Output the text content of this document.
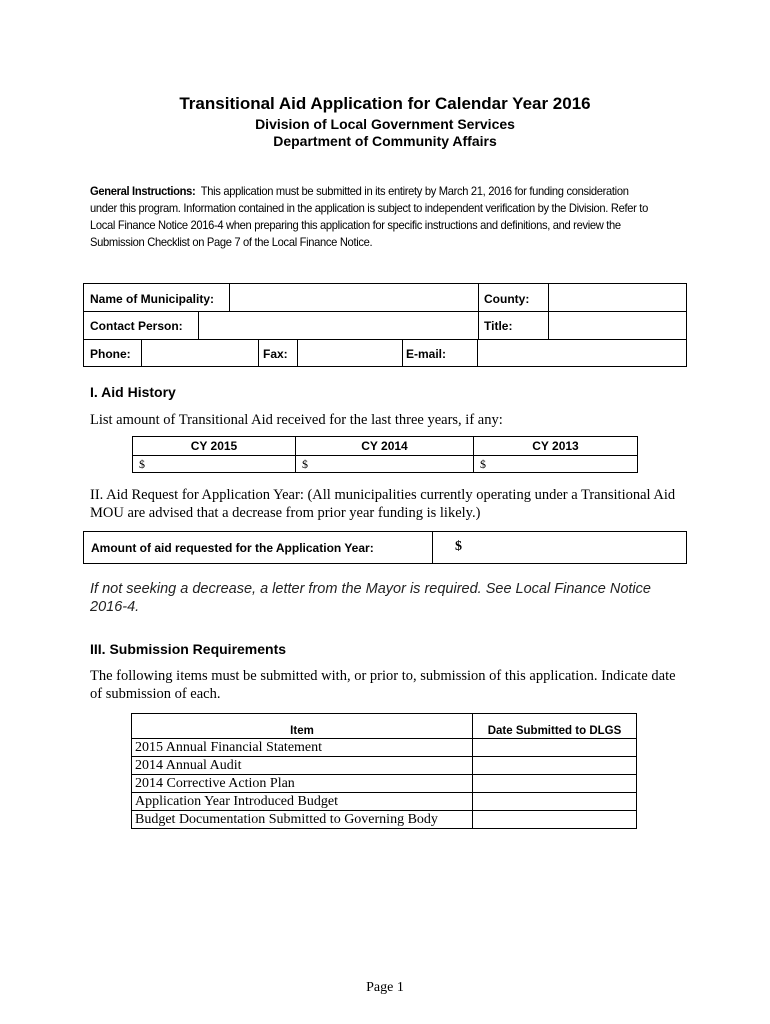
Transitional Aid Application for Calendar Year 2016
Division of Local Government Services
Department of Community Affairs
General Instructions: This application must be submitted in its entirety by March 21, 2016 for funding consideration under this program. Information contained in the application is subject to independent verification by the Division. Refer to Local Finance Notice 2016-4 when preparing this application for specific instructions and definitions, and review the Submission Checklist on Page 7 of the Local Finance Notice.
Name of Municipality:	County:
Contact Person:	Title:
Phone:	Fax:	E-mail:
I. Aid History
List amount of Transitional Aid received for the last three years, if any:
CY 2015	CY 2014	CY 2013
$	$	$
II. Aid Request for Application Year: (All municipalities currently operating under a Transitional Aid MOU are advised that a decrease from prior year funding is likely.)
Amount of aid requested for the Application Year:	$
If not seeking a decrease, a letter from the Mayor is required. See Local Finance Notice 2016-4.
III. Submission Requirements
The following items must be submitted with, or prior to, submission of this application. Indicate date of submission of each.
Item	Date Submitted to DLGS
2015 Annual Financial Statement	
2014 Annual Audit	
2014 Corrective Action Plan	
Application Year Introduced Budget	
Budget Documentation Submitted to Governing Body	
Page 1
